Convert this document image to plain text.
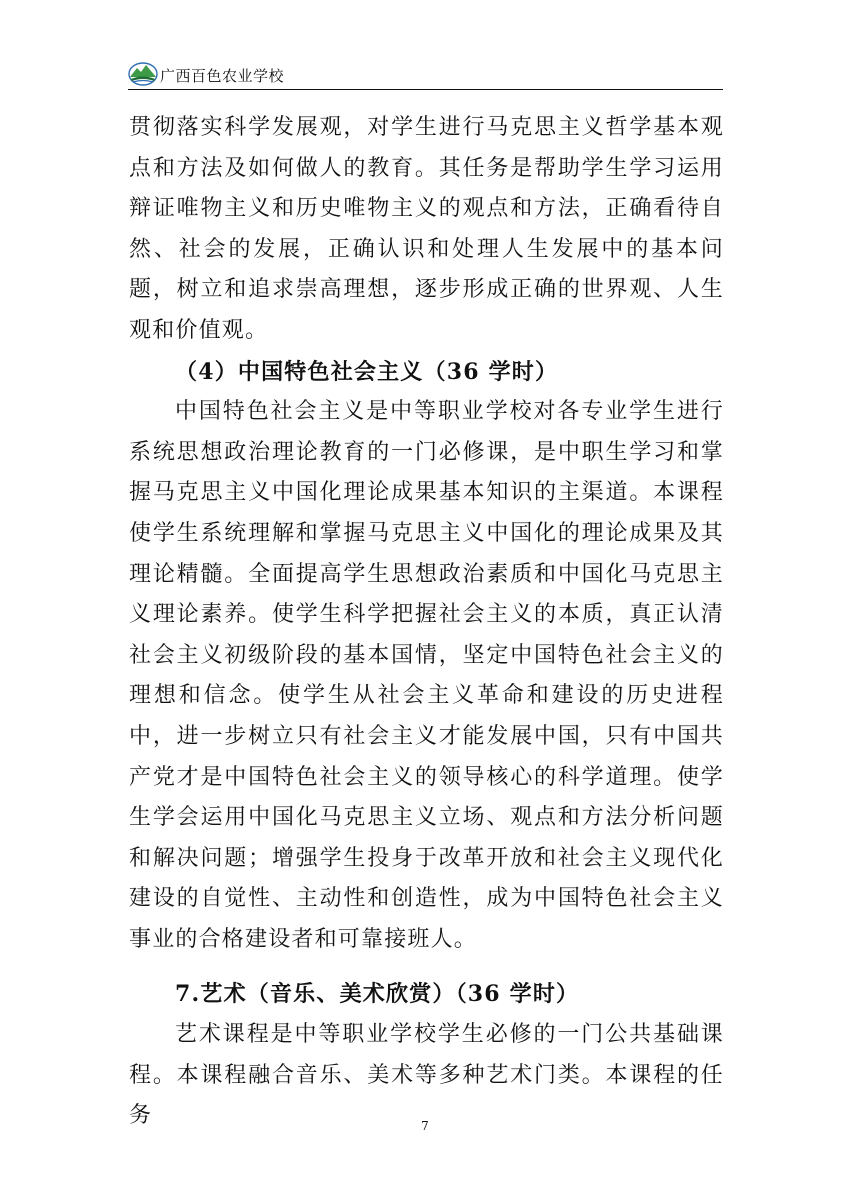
广西百色农业学校

贯彻落实科学发展观，对学生进行马克思主义哲学基本观点和方法及如何做人的教育。其任务是帮助学生学习运用辩证唯物主义和历史唯物主义的观点和方法，正确看待自然、社会的发展，正确认识和处理人生发展中的基本问题，树立和追求崇高理想，逐步形成正确的世界观、人生观和价值观。

（4）中国特色社会主义（36 学时）

中国特色社会主义是中等职业学校对各专业学生进行系统思想政治理论教育的一门必修课，是中职生学习和掌握马克思主义中国化理论成果基本知识的主渠道。本课程使学生系统理解和掌握马克思主义中国化的理论成果及其理论精髓。全面提高学生思想政治素质和中国化马克思主义理论素养。使学生科学把握社会主义的本质，真正认清社会主义初级阶段的基本国情，坚定中国特色社会主义的理想和信念。使学生从社会主义革命和建设的历史进程中，进一步树立只有社会主义才能发展中国，只有中国共产党才是中国特色社会主义的领导核心的科学道理。使学生学会运用中国化马克思主义立场、观点和方法分析问题和解决问题；增强学生投身于改革开放和社会主义现代化建设的自觉性、主动性和创造性，成为中国特色社会主义事业的合格建设者和可靠接班人。

7.艺术（音乐、美术欣赏）（36 学时）

艺术课程是中等职业学校学生必修的一门公共基础课程。本课程融合音乐、美术等多种艺术门类。本课程的任务	7
